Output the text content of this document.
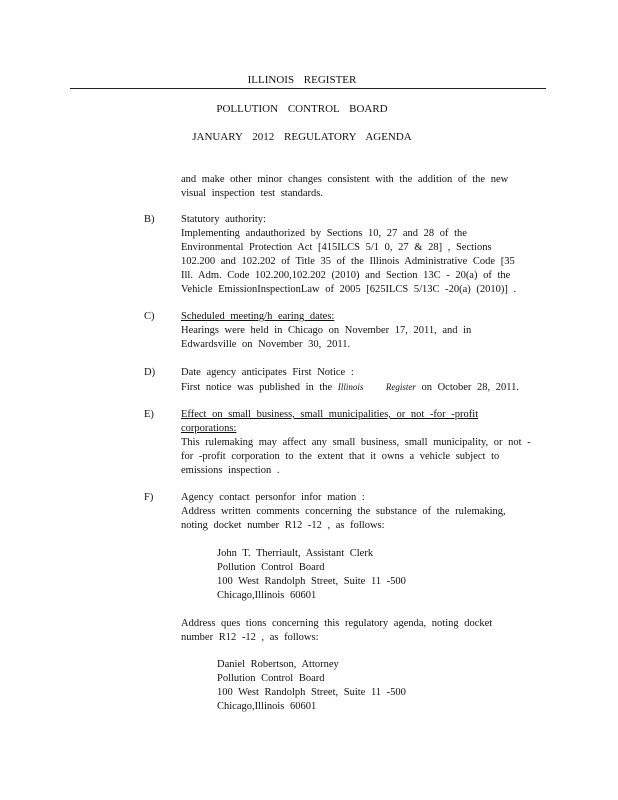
ILLINOIS REGISTER
POLLUTION CONTROL BOARD
JANUARY 2012 REGULATORY AGENDA
and make other minor changes consistent with the addition of the new
visual inspection test standards.
B)	Statutory authority:
Implementing andauthorized by Sections 10, 27 and 28 of the
Environmental Protection Act [415ILCS 5/1 0, 27 & 28] , Sections
102.200 and 102.202 of Title 35 of the Illinois Administrative Code [35
Ill. Adm. Code 102.200,102.202 (2010) and Section 13C - 20(a) of the
Vehicle EmissionInspectionLaw of 2005 [625ILCS 5/13C -20(a) (2010)] .
C)	Scheduled meeting/h earing dates:
Hearings were held in Chicago on November 17, 2011, and in
Edwardsville on November 30, 2011.
D) Date agency anticipates First Notice :
First notice was published in the Illinois	Register on October 28, 2011.
E)	Effect on small business, small municipalities, or not -for -profit
corporations:
This rulemaking may affect any small business, small municipality, or not -
for -profit corporation to the extent that it owns a vehicle subject to
emissions inspection .
F)	Agency contact personfor infor mation :
Address written comments concerning the substance of the rulemaking,
noting docket number R12 -12 , as follows:
John T. Therriault, Assistant Clerk
Pollution Control Board
100 West Randolph Street, Suite 11 -500
Chicago,Illinois 60601
Address ques tions concerning this regulatory agenda, noting docket
number R12 -12 , as follows:
Daniel Robertson, Attorney
Pollution Control Board
100 West Randolph Street, Suite 11 -500
Chicago,Illinois 60601
